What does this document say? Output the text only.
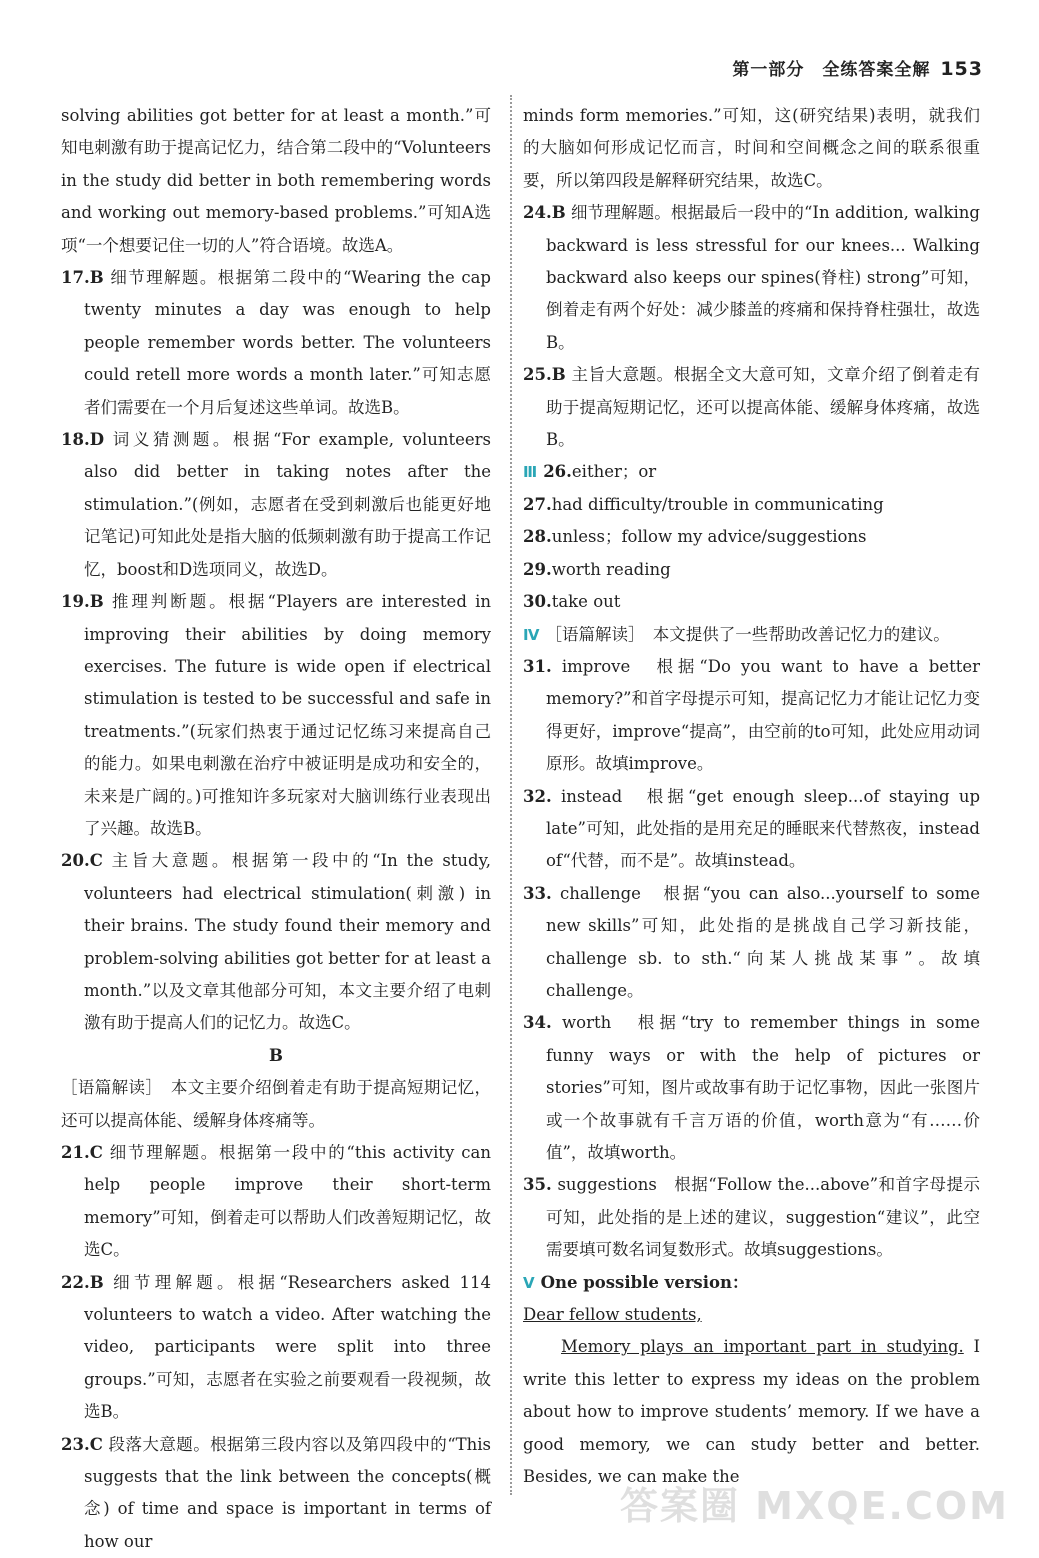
第一部分　全练答案全解 153
solving abilities got better for at least a month.”可知电刺激有助于提高记忆力，结合第二段中的“Volunteers in the study did better in both remembering words and working out memory-based problems.”可知A选项“一个想要记住一切的人”符合语境。故选A。
17.B 细节理解题。根据第二段中的“Wearing the cap twenty minutes a day was enough to help people remember words better. The volunteers could retell more words a month later.”可知志愿者们需要在一个月后复述这些单词。故选B。
18.D 词义猜测题。根据“For example, volunteers also did better in taking notes after the stimulation.”(例如，志愿者在受到刺激后也能更好地记笔记)可知此处是指大脑的低频刺激有助于提高工作记忆，boost和D选项同义，故选D。
19.B 推理判断题。根据“Players are interested in improving their abilities by doing memory exercises. The future is wide open if electrical stimulation is tested to be successful and safe in treatments.”(玩家们热衷于通过记忆练习来提高自己的能力。如果电刺激在治疗中被证明是成功和安全的，未来是广阔的。)可推知许多玩家对大脑训练行业表现出了兴趣。故选B。
20.C 主旨大意题。根据第一段中的“In the study, volunteers had electrical stimulation(刺激) in their brains. The study found their memory and problem-solving abilities got better for at least a month.”以及文章其他部分可知，本文主要介绍了电刺激有助于提高人们的记忆力。故选C。
B
［语篇解读］　本文主要介绍倒着走有助于提高短期记忆，还可以提高体能、缓解身体疼痛等。
21.C 细节理解题。根据第一段中的“this activity can help people improve their short-term memory”可知，倒着走可以帮助人们改善短期记忆，故选C。
22.B 细节理解题。根据“Researchers asked 114 volunteers to watch a video. After watching the video, participants were split into three groups.”可知，志愿者在实验之前要观看一段视频，故选B。
23.C 段落大意题。根据第三段内容以及第四段中的“This suggests that the link between the concepts(概念) of time and space is important in terms of how our
minds form memories.”可知，这(研究结果)表明，就我们的大脑如何形成记忆而言，时间和空间概念之间的联系很重要，所以第四段是解释研究结果，故选C。
24.B 细节理解题。根据最后一段中的“In addition, walking backward is less stressful for our knees... Walking backward also keeps our spines(脊柱) strong”可知，倒着走有两个好处：减少膝盖的疼痛和保持脊柱强壮，故选B。
25.B 主旨大意题。根据全文大意可知，文章介绍了倒着走有助于提高短期记忆，还可以提高体能、缓解身体疼痛，故选B。
Ⅲ 26.either；or
27.had difficulty/trouble in communicating
28.unless；follow my advice/suggestions
29.worth reading
30.take out
Ⅳ ［语篇解读］　本文提供了一些帮助改善记忆力的建议。
31. improve　根据“Do you want to have a better memory?”和首字母提示可知，提高记忆力才能让记忆力变得更好，improve“提高”，由空前的to可知，此处应用动词原形。故填improve。
32. instead　根据“get enough sleep...of staying up late”可知，此处指的是用充足的睡眠来代替熬夜，instead of“代替，而不是”。故填instead。
33. challenge　根据“you can also...yourself to some new skills”可知，此处指的是挑战自己学习新技能，challenge sb. to sth.“向某人挑战某事”。故填challenge。
34. worth　根据“try to remember things in some funny ways or with the help of pictures or stories”可知，图片或故事有助于记忆事物，因此一张图片或一个故事就有千言万语的价值，worth意为“有……价值”，故填worth。
35. suggestions　根据“Follow the...above”和首字母提示可知，此处指的是上述的建议，suggestion“建议”，此空需要填可数名词复数形式。故填suggestions。
Ⅴ One possible version：
Dear fellow students,
Memory plays an important part in studying. I write this letter to express my ideas on the problem about how to improve students’ memory. If we have a good memory, we can study better and better. Besides, we can make the
答案圈 MXQE.COM
